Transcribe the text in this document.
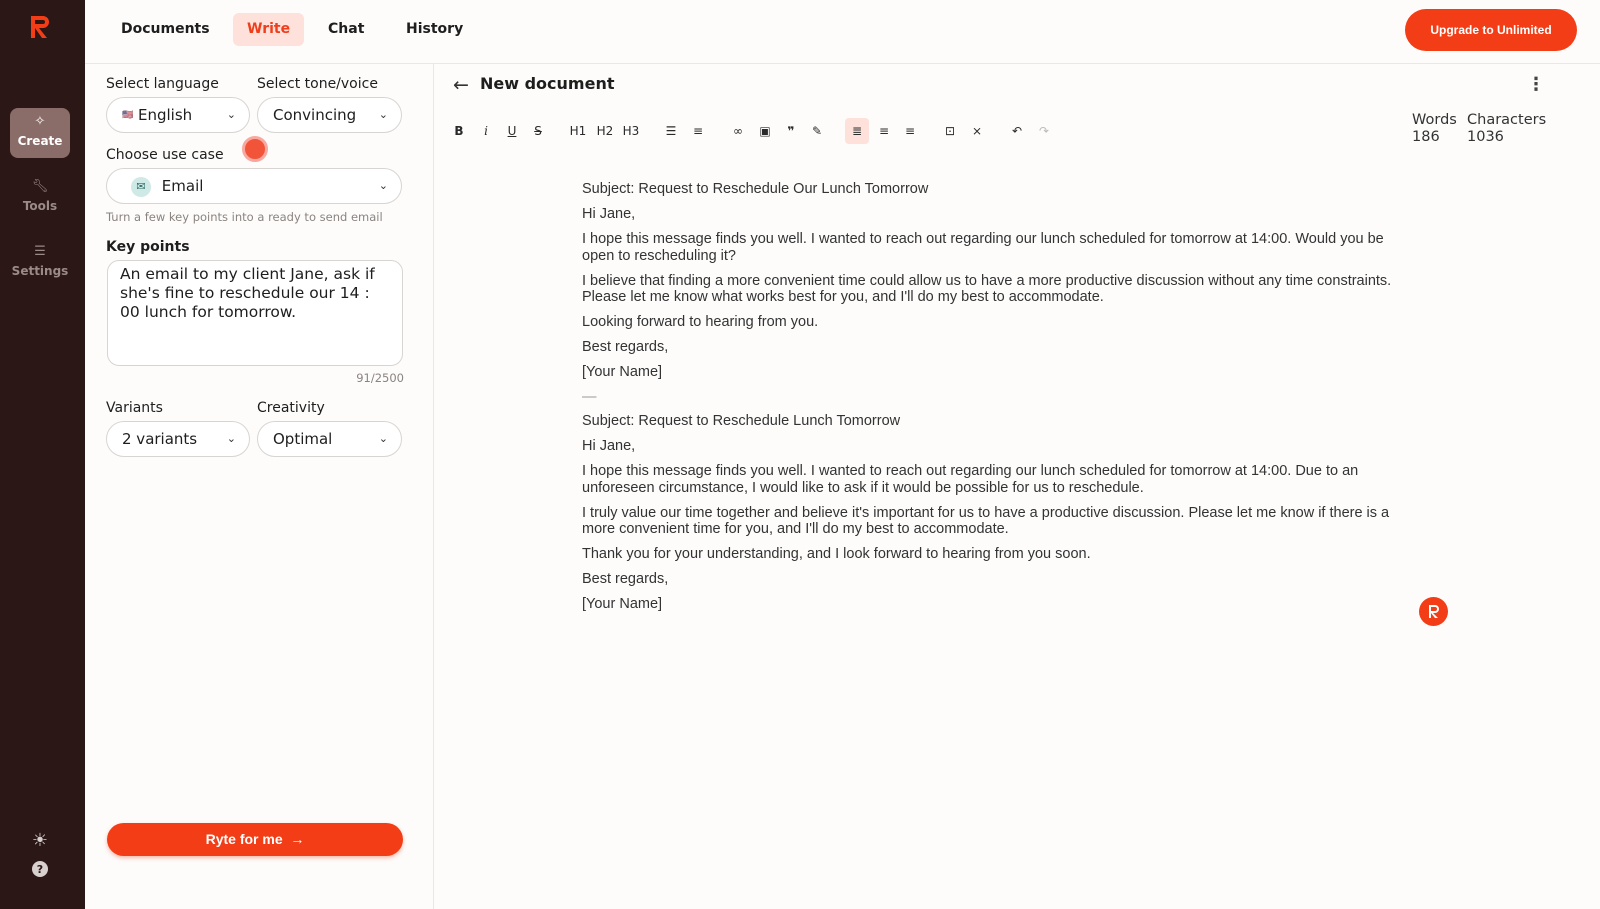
✧
Create
🔧︎
Tools
☰
Settings
☀
?
Documents	Write	Chat	History	Upgrade to Unlimited
Select language	Select tone/voice
🇺🇸︎ English	⌄	Convincing ⌄
Choose use case
✉ Email	⌄
Turn a few key points into a ready to send email
Key points
An email to my client Jane, ask if she's fine to reschedule our 14 : 00 lunch for tomorrow.
91/2500
Variants	Creativity
2 variants	⌄	Optimal	⌄
Ryte for me  →
← New document	⋮
B	i	U	S	H1 H2 H3	☰	≡	∞	▣	❞	✎	≣	≡	≡	⊡	⨯	↶	↷
Words
186
Characters
1036

Subject: Request to Reschedule Our Lunch Tomorrow

Hi Jane,

I hope this message finds you well. I wanted to reach out regarding our lunch scheduled for tomorrow at 14:00. Would you be open to rescheduling it?

I believe that finding a more convenient time could allow us to have a more productive discussion without any time constraints. Please let me know what works best for you, and I'll do my best to accommodate.

Looking forward to hearing from you.

Best regards,

[Your Name]

—

Subject: Request to Reschedule Lunch Tomorrow

Hi Jane,

I hope this message finds you well. I wanted to reach out regarding our lunch scheduled for tomorrow at 14:00. Due to an unforeseen circumstance, I would like to ask if it would be possible for us to reschedule.

I truly value our time together and believe it's important for us to have a productive discussion. Please let me know if there is a more convenient time for you, and I'll do my best to accommodate.

Thank you for your understanding, and I look forward to hearing from you soon.

Best regards,

[Your Name]
